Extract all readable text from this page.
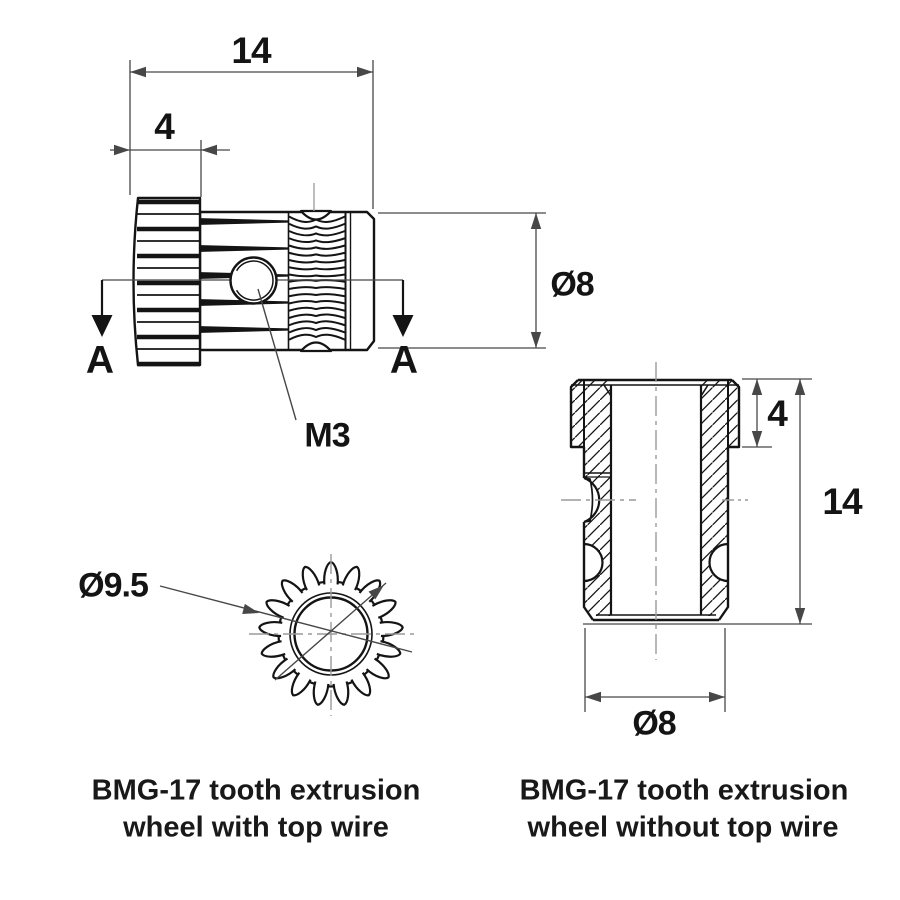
14
4
Ø8
M3
A	A
Ø9.5
4
14
Ø8
BMG-17 tooth extrusion
wheel with top wire
BMG-17 tooth extrusion
wheel without top wire
